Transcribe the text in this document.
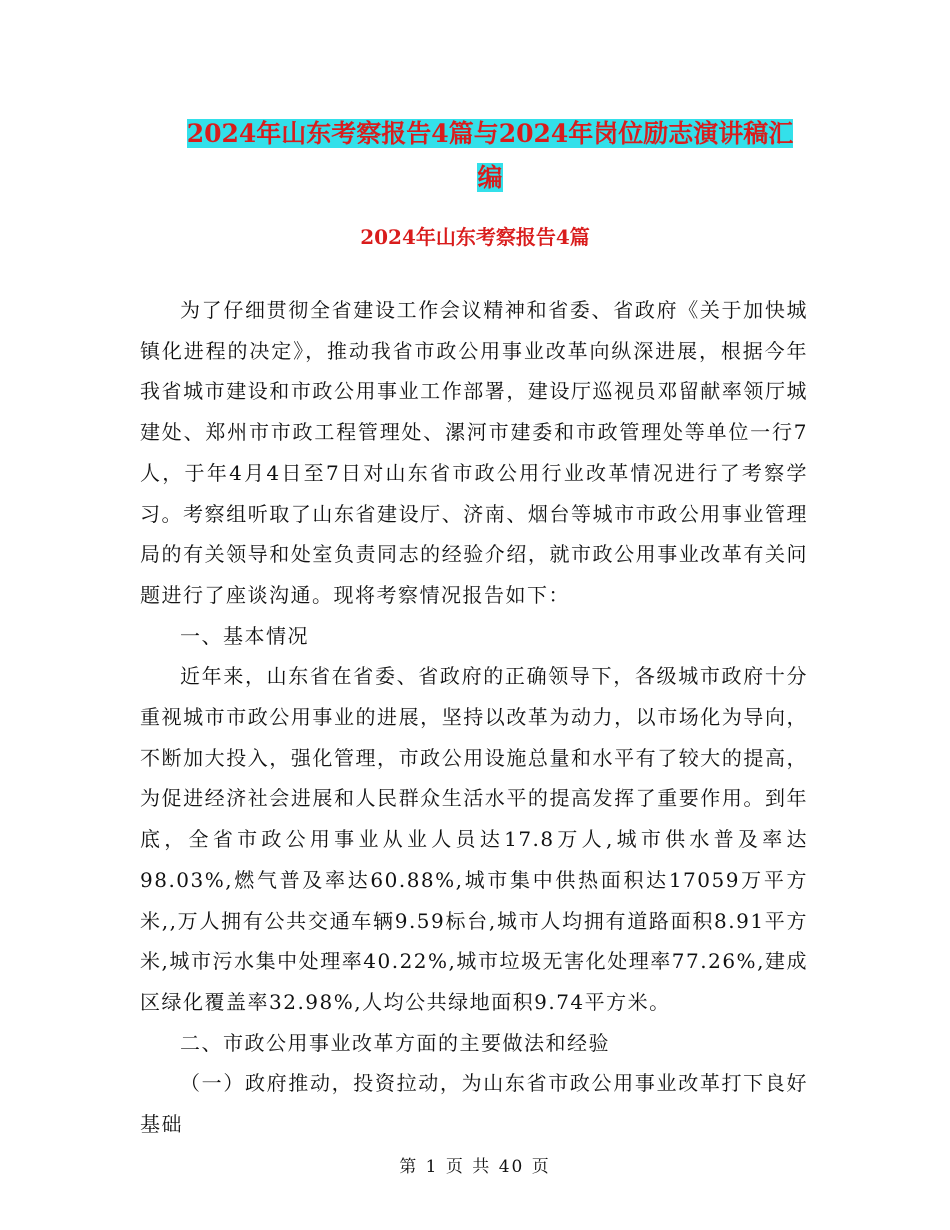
2024年山东考察报告4篇与2024年岗位励志演讲稿汇
编
2024年山东考察报告4篇

为了仔细贯彻全省建设工作会议精神和省委、省政府《关于加快城镇化进程的决定》，推动我省市政公用事业改革向纵深进展，根据今年我省城市建设和市政公用事业工作部署，建设厅巡视员邓留献率领厅城建处、郑州市市政工程管理处、漯河市建委和市政管理处等单位一行7人，于年4月4日至7日对山东省市政公用行业改革情况进行了考察学习。考察组听取了山东省建设厅、济南、烟台等城市市政公用事业管理局的有关领导和处室负责同志的经验介绍，就市政公用事业改革有关问题进行了座谈沟通。现将考察情况报告如下：

一、基本情况

近年来，山东省在省委、省政府的正确领导下，各级城市政府十分重视城市市政公用事业的进展，坚持以改革为动力，以市场化为导向，不断加大投入，强化管理，市政公用设施总量和水平有了较大的提高，为促进经济社会进展和人民群众生活水平的提高发挥了重要作用。到年底，全省市政公用事业从业人员达17.8万人,城市供水普及率达98.03%,燃气普及率达60.88%,城市集中供热面积达17059万平方米,,万人拥有公共交通车辆9.59标台,城市人均拥有道路面积8.91平方米,城市污水集中处理率40.22%,城市垃圾无害化处理率77.26%,建成区绿化覆盖率32.98%,人均公共绿地面积9.74平方米。

二、市政公用事业改革方面的主要做法和经验

（一）政府推动，投资拉动，为山东省市政公用事业改革打下良好基础

第 1 页 共 40 页
